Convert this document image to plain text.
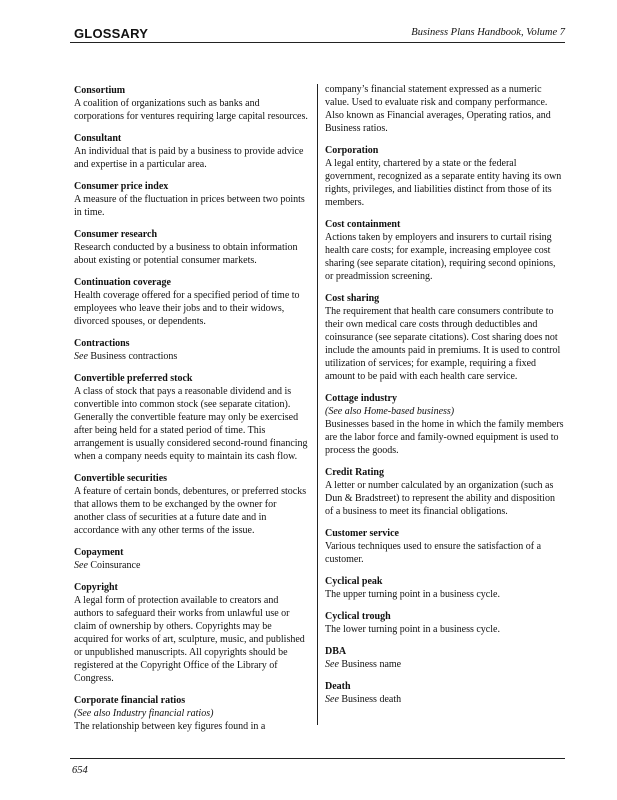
GLOSSARY	Business Plans Handbook, Volume 7
Consortium
A coalition of organizations such as banks and corporations for ventures requiring large capital resources.
Consultant
An individual that is paid by a business to provide advice and expertise in a particular area.
Consumer price index
A measure of the fluctuation in prices between two points in time.
Consumer research
Research conducted by a business to obtain information about existing or potential consumer markets.
Continuation coverage
Health coverage offered for a specified period of time to employees who leave their jobs and to their widows, divorced spouses, or dependents.
Contractions
See Business contractions
Convertible preferred stock
A class of stock that pays a reasonable dividend and is convertible into common stock (see separate citation). Generally the convertible feature may only be exercised after being held for a stated period of time. This arrangement is usually considered second-round financing when a company needs equity to maintain its cash flow.
Convertible securities
A feature of certain bonds, debentures, or preferred stocks that allows them to be exchanged by the owner for another class of securities at a future date and in accordance with any other terms of the issue.
Copayment
See Coinsurance
Copyright
A legal form of protection available to creators and authors to safeguard their works from unlawful use or claim of ownership by others. Copyrights may be acquired for works of art, sculpture, music, and published or unpublished manuscripts. All copyrights should be registered at the Copyright Office of the Library of Congress.
Corporate financial ratios
(See also Industry financial ratios)
The relationship between key figures found in a
company’s financial statement expressed as a numeric value. Used to evaluate risk and company performance. Also known as Financial averages, Operating ratios, and Business ratios.
Corporation
A legal entity, chartered by a state or the federal government, recognized as a separate entity having its own rights, privileges, and liabilities distinct from those of its members.
Cost containment
Actions taken by employers and insurers to curtail rising health care costs; for example, increasing employee cost sharing (see separate citation), requiring second opinions, or preadmission screening.
Cost sharing
The requirement that health care consumers contribute to their own medical care costs through deductibles and coinsurance (see separate citations). Cost sharing does not include the amounts paid in premiums. It is used to control utilization of services; for example, requiring a fixed amount to be paid with each health care service.
Cottage industry
(See also Home-based business)
Businesses based in the home in which the family members are the labor force and family-owned equipment is used to process the goods.
Credit Rating
A letter or number calculated by an organization (such as Dun & Bradstreet) to represent the ability and disposition of a business to meet its financial obligations.
Customer service
Various techniques used to ensure the satisfaction of a customer.
Cyclical peak
The upper turning point in a business cycle.
Cyclical trough
The lower turning point in a business cycle.
DBA
See Business name
Death
See Business death
654
